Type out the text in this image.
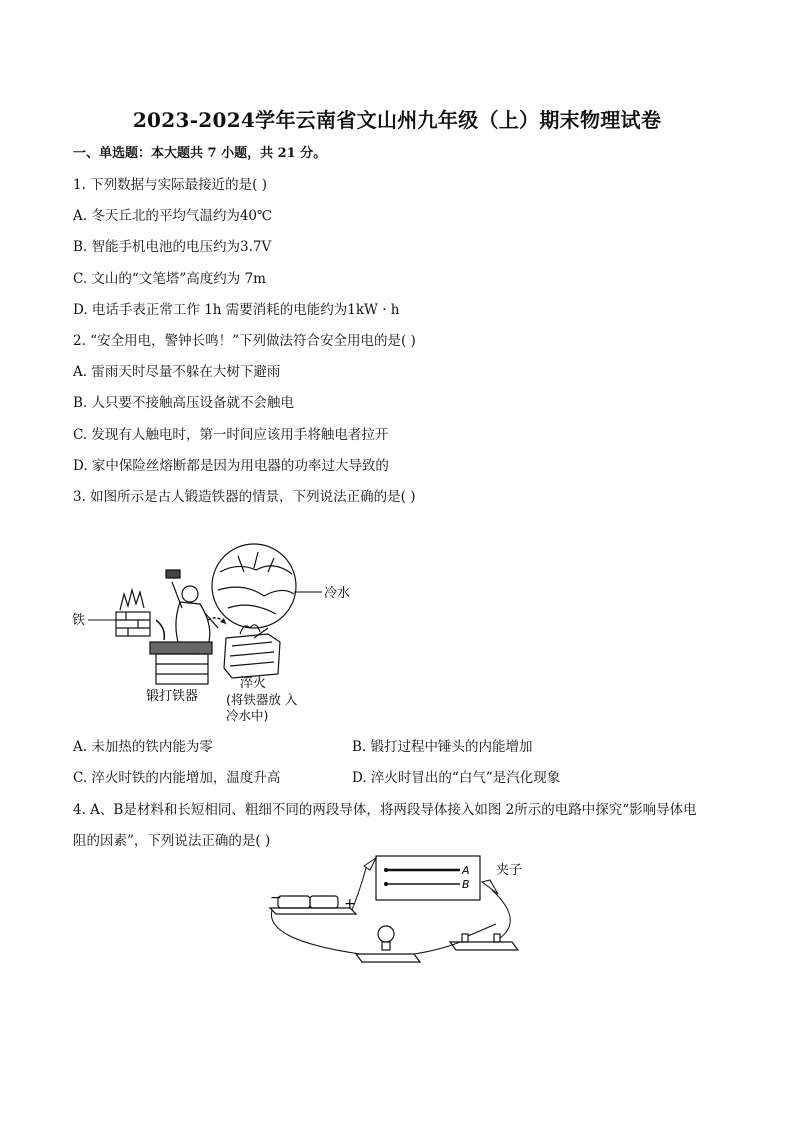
2023-2024学年云南省文山州九年级（上）期末物理试卷
一、单选题：本大题共 7 小题，共 21 分。
1. 下列数据与实际最接近的是( )
A. 冬天丘北的平均气温约为40℃
B. 智能手机电池的电压约为3.7V
C. 文山的“文笔塔”高度约为 7m
D. 电话手表正常工作 1h 需要消耗的电能约为1kW · h
2. “安全用电，警钟长鸣！”下列做法符合安全用电的是( )
A. 雷雨天时尽量不躲在大树下避雨
B. 人只要不接触高压设备就不会触电
C. 发现有人触电时，第一时间应该用手将触电者拉开
D. 家中保险丝熔断都是因为用电器的功率过大导致的
3. 如图所示是古人锻造铁器的情景，下列说法正确的是( )
铁
冷水
锻打铁器
淬火
(将铁器放 入
冷水中)
A. 未加热的铁内能为零	B. 锻打过程中锤头的内能增加
C. 淬火时铁的内能增加，温度升高	D. 淬火时冒出的“白气”是汽化现象
4. A、B是材料和长短相同、粗细不同的两段导体，将两段导体接入如图 2所示的电路中探究“影响导体电
阻的因素”，下列说法正确的是( )
A
B
夹子
−	+
